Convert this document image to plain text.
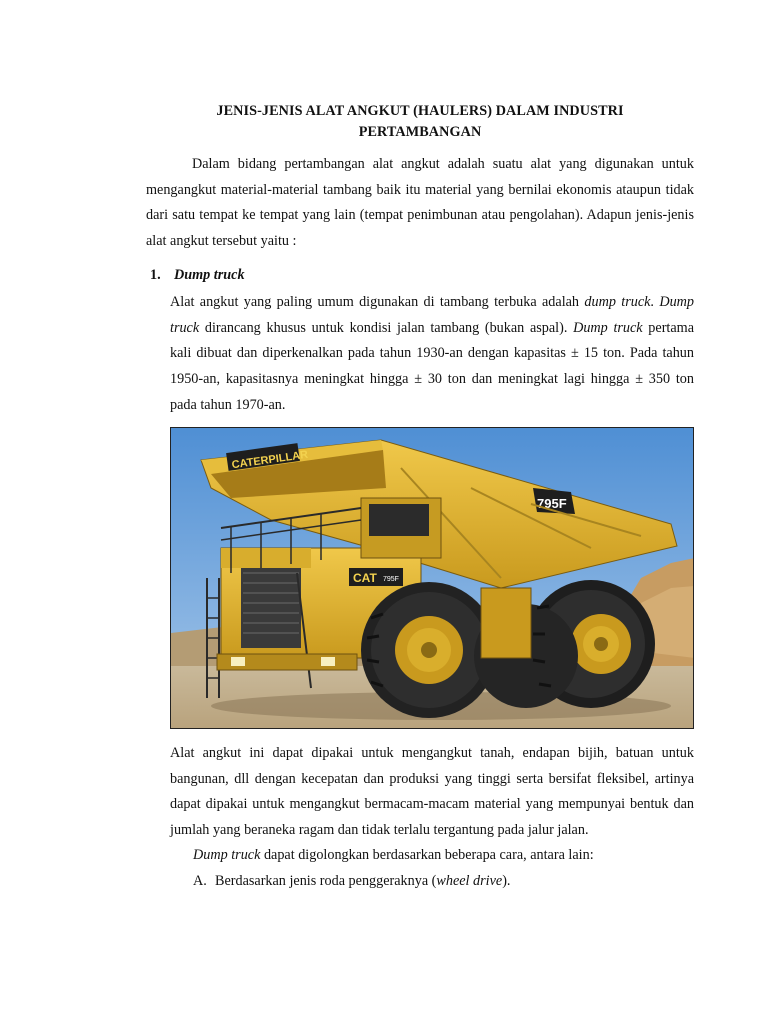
JENIS-JENIS ALAT ANGKUT (HAULERS) DALAM INDUSTRI
PERTAMBANGAN
Dalam bidang pertambangan alat angkut adalah suatu alat yang digunakan untuk mengangkut material-material tambang baik itu material yang bernilai ekonomis ataupun tidak dari satu tempat ke tempat yang lain (tempat penimbunan atau pengolahan). Adapun jenis-jenis alat angkut tersebut yaitu :
1. Dump truck
Alat angkut yang paling umum digunakan di tambang terbuka adalah dump truck. Dump truck dirancang khusus untuk kondisi jalan tambang (bukan aspal). Dump truck pertama kali dibuat dan diperkenalkan pada tahun 1930-an dengan kapasitas ± 15 ton. Pada tahun 1950-an, kapasitasnya meningkat hingga ± 30 ton dan meningkat lagi hingga ± 350 ton pada tahun 1970-an.
CATERPILLAR
795F
CAT 795F
Alat angkut ini dapat dipakai untuk mengangkut tanah, endapan bijih, batuan untuk bangunan, dll dengan kecepatan dan produksi yang tinggi serta bersifat fleksibel, artinya dapat dipakai untuk mengangkut bermacam-macam material yang mempunyai bentuk dan jumlah yang beraneka ragam dan tidak terlalu tergantung pada jalur jalan.
Dump truck dapat digolongkan berdasarkan beberapa cara, antara lain:
A. Berdasarkan jenis roda penggeraknya (wheel drive).
